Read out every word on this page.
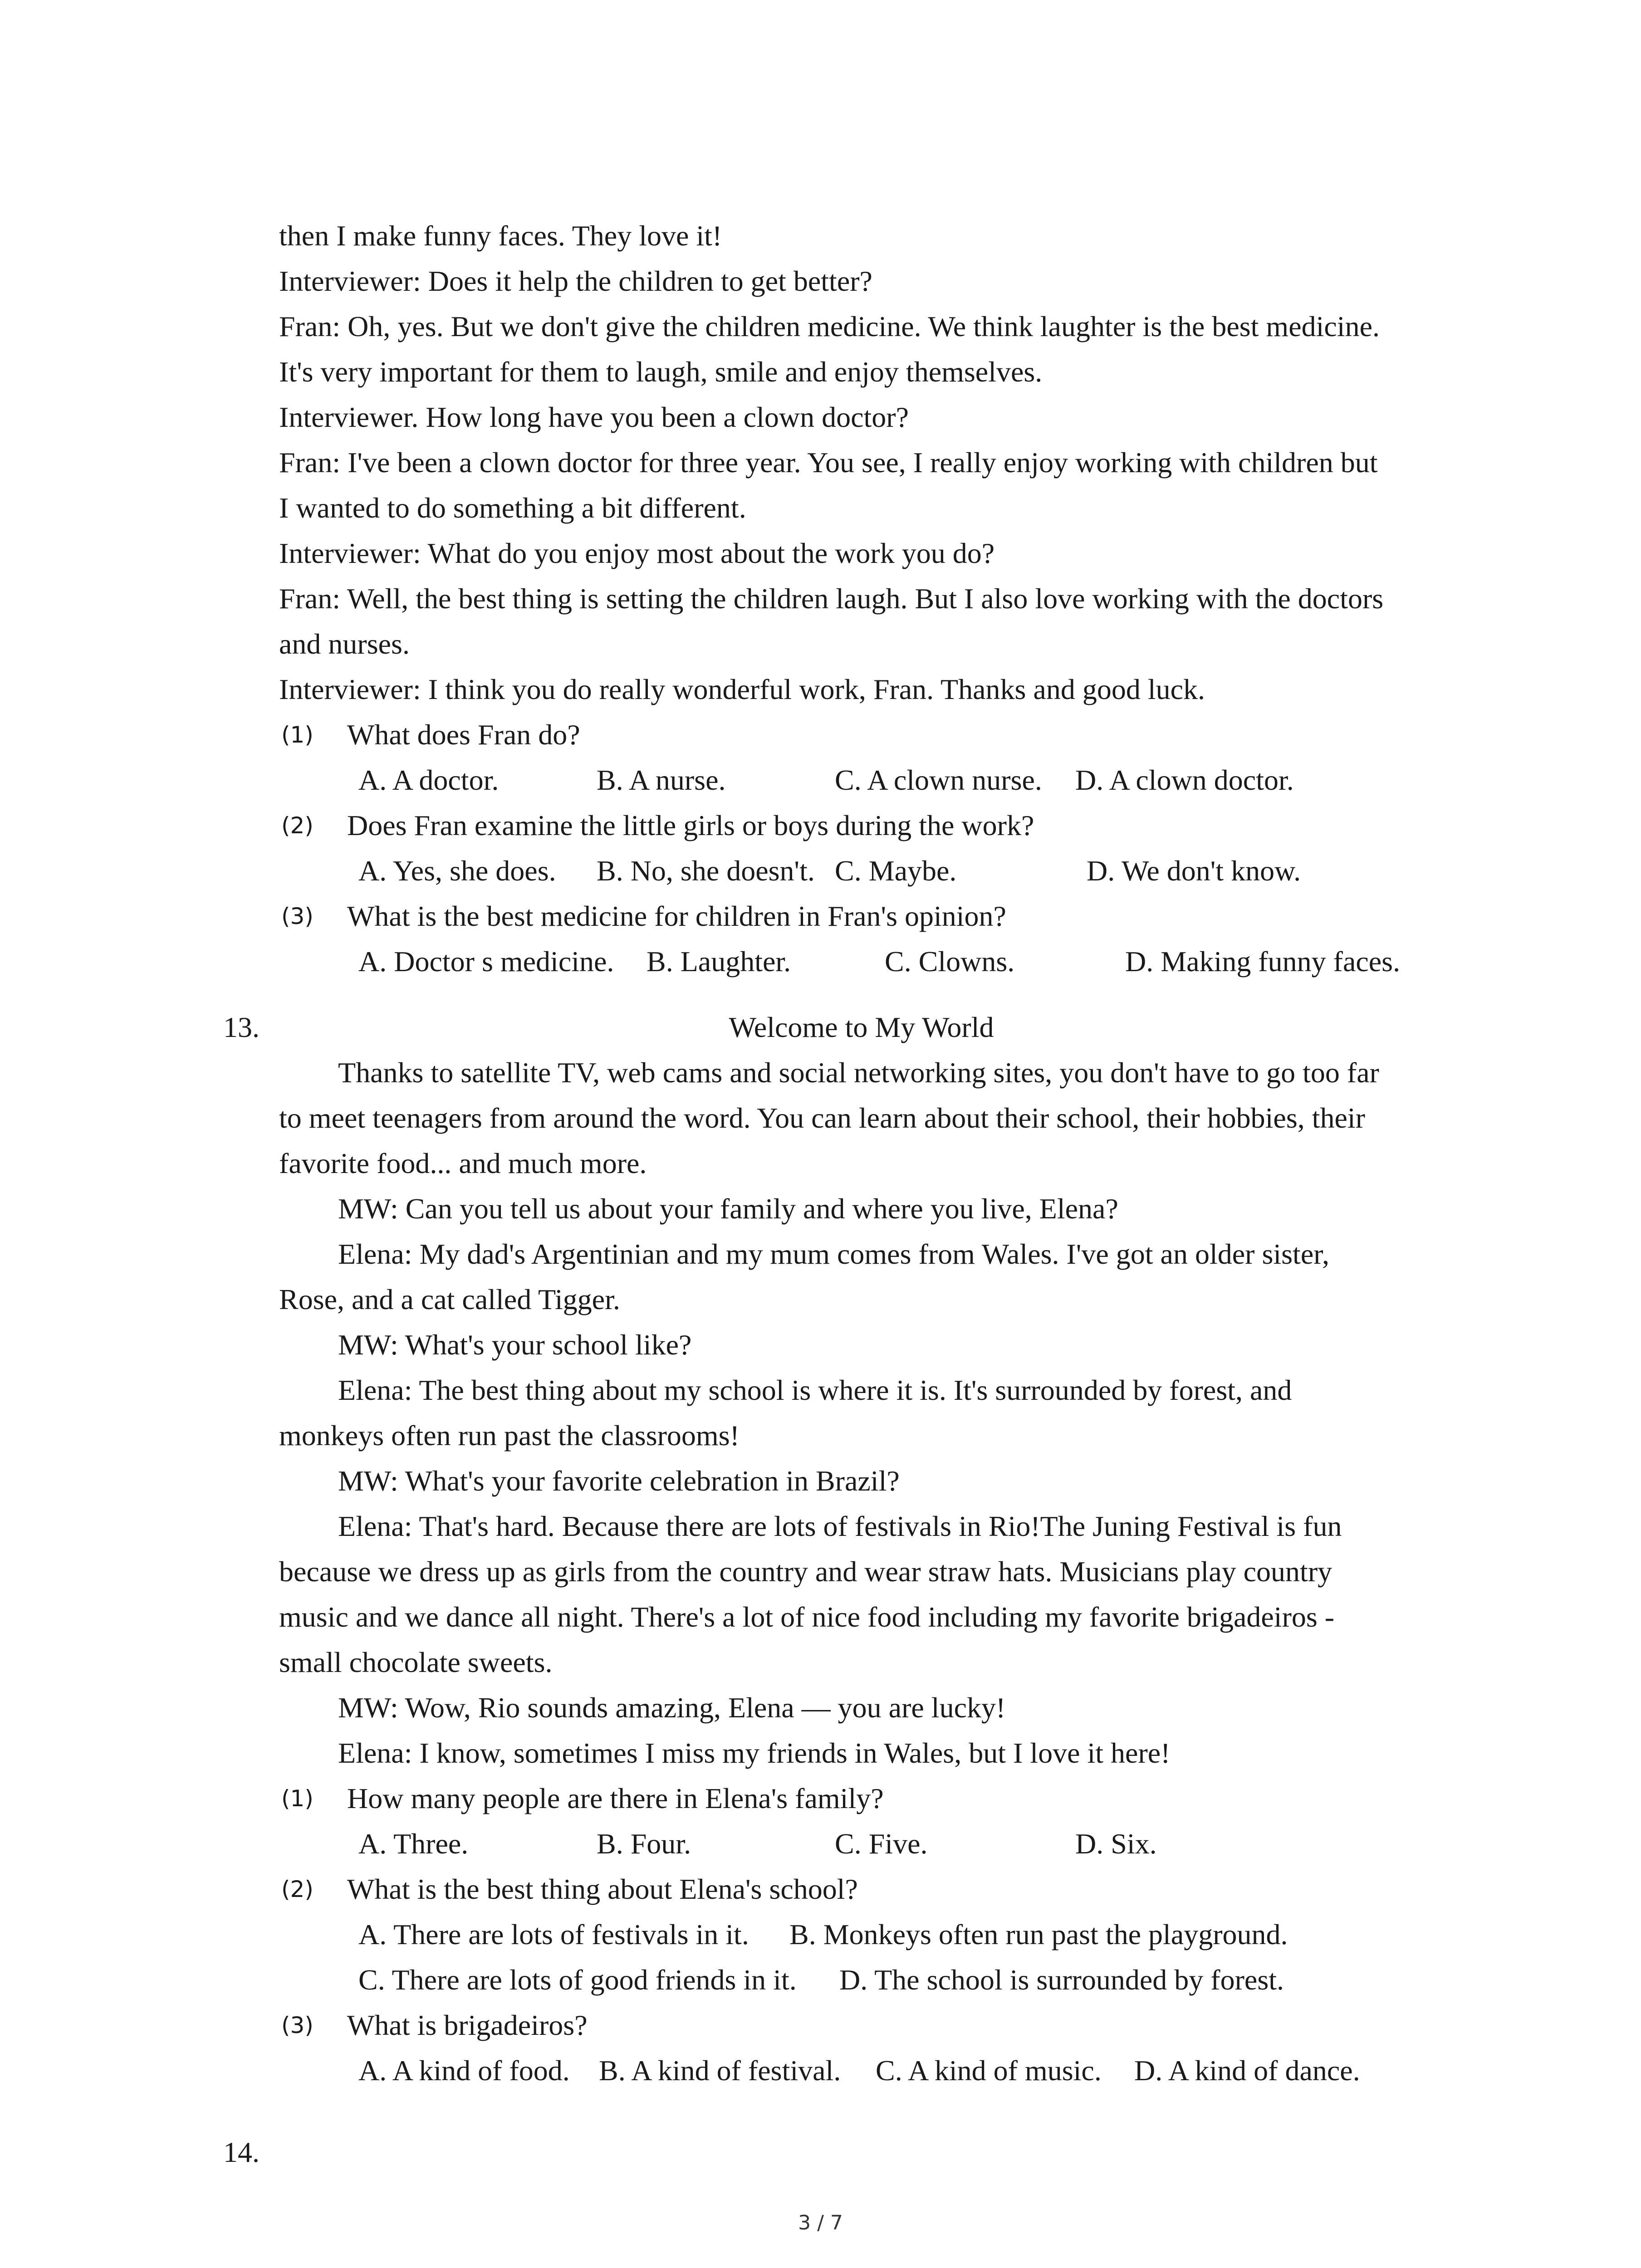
then I make funny faces. They love it!
Interviewer: Does it help the children to get better?
Fran: Oh, yes. But we don't give the children medicine. We think laughter is the best medicine.
It's very important for them to laugh, smile and enjoy themselves.
Interviewer. How long have you been a clown doctor?
Fran: I've been a clown doctor for three year. You see, I really enjoy working with children but
I wanted to do something a bit different.
Interviewer: What do you enjoy most about the work you do?
Fran: Well, the best thing is setting the children laugh. But I also love working with the doctors
and nurses.
Interviewer: I think you do really wonderful work, Fran. Thanks and good luck.
(1) What does Fran do?
A. A doctor.	B. A nurse.	C. A clown nurse. D. A clown doctor.
(2) Does Fran examine the little girls or boys during the work?
A. Yes, she does. B. No, she doesn't. C. Maybe.	D. We don't know.
(3) What is the best medicine for children in Fran's opinion?
A. Doctor s medicine. B. Laughter.	C. Clowns.	D. Making funny faces.
13.	Welcome to My World
Thanks to satellite TV, web cams and social networking sites, you don't have to go too far
to meet teenagers from around the word. You can learn about their school, their hobbies, their
favorite food... and much more.
MW: Can you tell us about your family and where you live, Elena?
Elena: My dad's Argentinian and my mum comes from Wales. I've got an older sister,
Rose, and a cat called Tigger.
MW: What's your school like?
Elena: The best thing about my school is where it is. It's surrounded by forest, and
monkeys often run past the classrooms!
MW: What's your favorite celebration in Brazil?
Elena: That's hard. Because there are lots of festivals in Rio!The Juning Festival is fun
because we dress up as girls from the country and wear straw hats. Musicians play country
music and we dance all night. There's a lot of nice food including my favorite brigadeiros -
small chocolate sweets.
MW: Wow, Rio sounds amazing, Elena — you are lucky!
Elena: I know, sometimes I miss my friends in Wales, but I love it here!
(1) How many people are there in Elena's family?
A. Three.	B. Four.	C. Five.	D. Six.
(2) What is the best thing about Elena's school?
A. There are lots of festivals in it. B. Monkeys often run past the playground.
C. There are lots of good friends in it. D. The school is surrounded by forest.
(3) What is brigadeiros?
A. A kind of food. B. A kind of festival. C. A kind of music. D. A kind of dance.
14.
3 / 7
